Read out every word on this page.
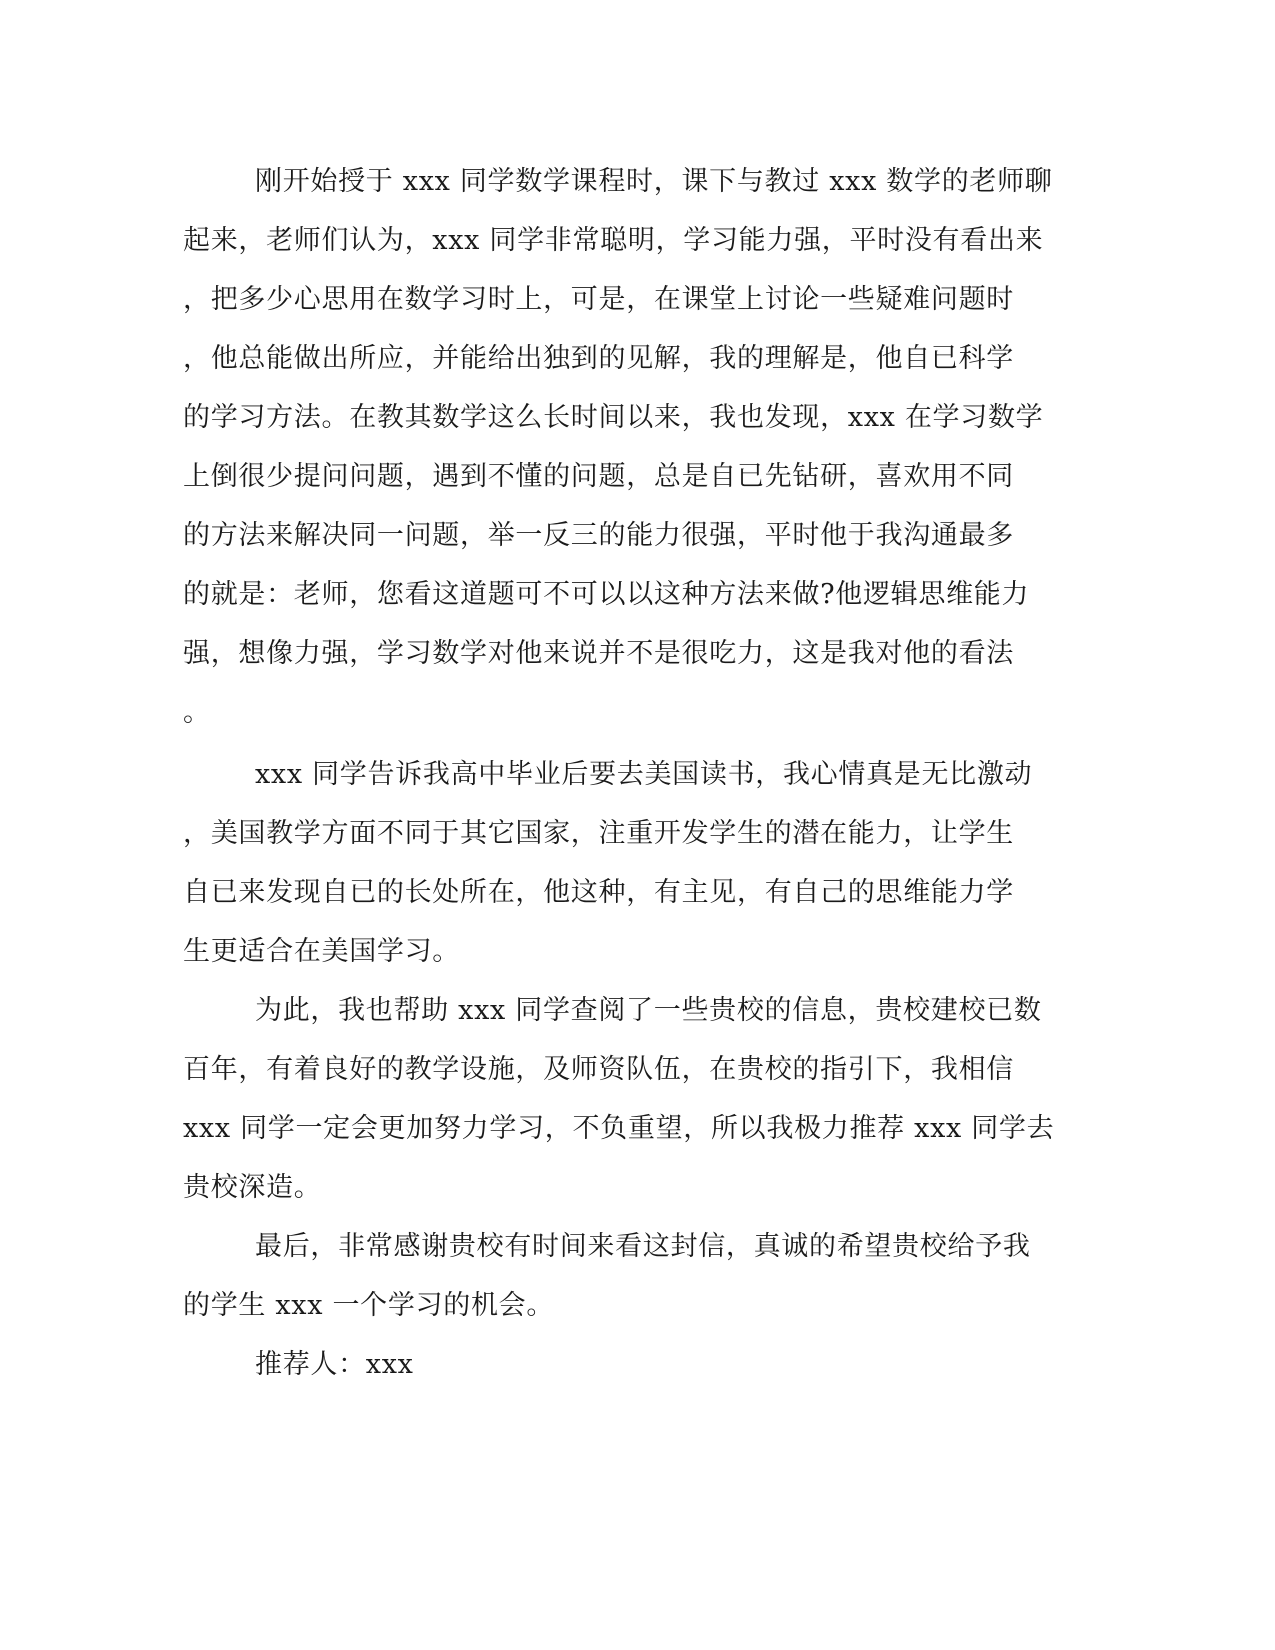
刚开始授于 xxx 同学数学课程时，课下与教过 xxx 数学的老师聊
起来，老师们认为，xxx 同学非常聪明，学习能力强，平时没有看出来
，把多少心思用在数学习时上，可是，在课堂上讨论一些疑难问题时
，他总能做出所应，并能给出独到的见解，我的理解是，他自已科学
的学习方法。在教其数学这么长时间以来，我也发现，xxx 在学习数学
上倒很少提问问题，遇到不懂的问题，总是自已先钻研，喜欢用不同
的方法来解决同一问题，举一反三的能力很强，平时他于我沟通最多
的就是：老师，您看这道题可不可以以这种方法来做?他逻辑思维能力
强，想像力强，学习数学对他来说并不是很吃力，这是我对他的看法
。
xxx 同学告诉我高中毕业后要去美国读书，我心情真是无比激动
，美国教学方面不同于其它国家，注重开发学生的潜在能力，让学生
自已来发现自已的长处所在，他这种，有主见，有自己的思维能力学
生更适合在美国学习。
为此，我也帮助 xxx 同学查阅了一些贵校的信息，贵校建校已数
百年，有着良好的教学设施，及师资队伍，在贵校的指引下，我相信
xxx 同学一定会更加努力学习，不负重望，所以我极力推荐 xxx 同学去
贵校深造。
最后，非常感谢贵校有时间来看这封信，真诚的希望贵校给予我
的学生 xxx 一个学习的机会。
推荐人：xxx
